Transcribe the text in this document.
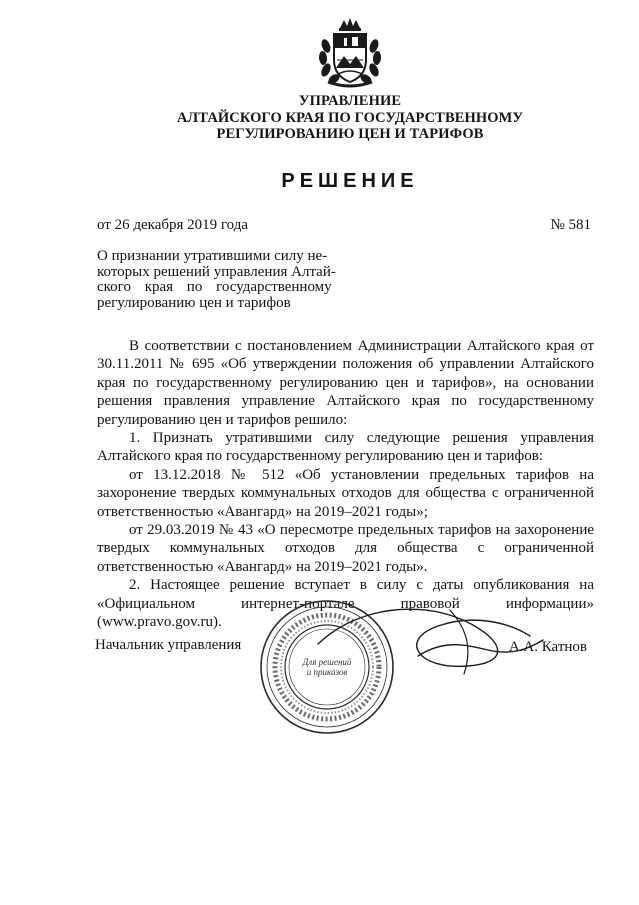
УПРАВЛЕНИЕ
АЛТАЙСКОГО КРАЯ ПО ГОСУДАРСТВЕННОМУ
РЕГУЛИРОВАНИЮ ЦЕН И ТАРИФОВ
РЕШЕНИЕ
от 26 декабря 2019 года	№ 581
О признании утратившими силу не-
которых решений управления Алтай-
ского края по государственному
регулированию цен и тарифов

В соответствии с постановлением Администрации Алтайского края от 30.11.2011 № 695 «Об утверждении положения об управлении Алтайского края по государственному регулированию цен и тарифов», на основании решения правления управление Алтайского края по государственному регулированию цен и тарифов решило:

1. Признать утратившими силу следующие решения управления Алтайского края по государственному регулированию цен и тарифов:

от 13.12.2018 № 512 «Об установлении предельных тарифов на захоронение твердых коммунальных отходов для общества с ограниченной ответственностью «Авангард» на 2019–2021 годы»;

от 29.03.2019 № 43 «О пересмотре предельных тарифов на захоронение твердых коммунальных отходов для общества с ограниченной ответственностью «Авангард» на 2019–2021 годы».

2. Настоящее решение вступает в силу с даты опубликования на «Официальном интернет-портале правовой информации» (www.pravo.gov.ru).

Для решений
и приказов
Начальник управления	А.А. Катнов
